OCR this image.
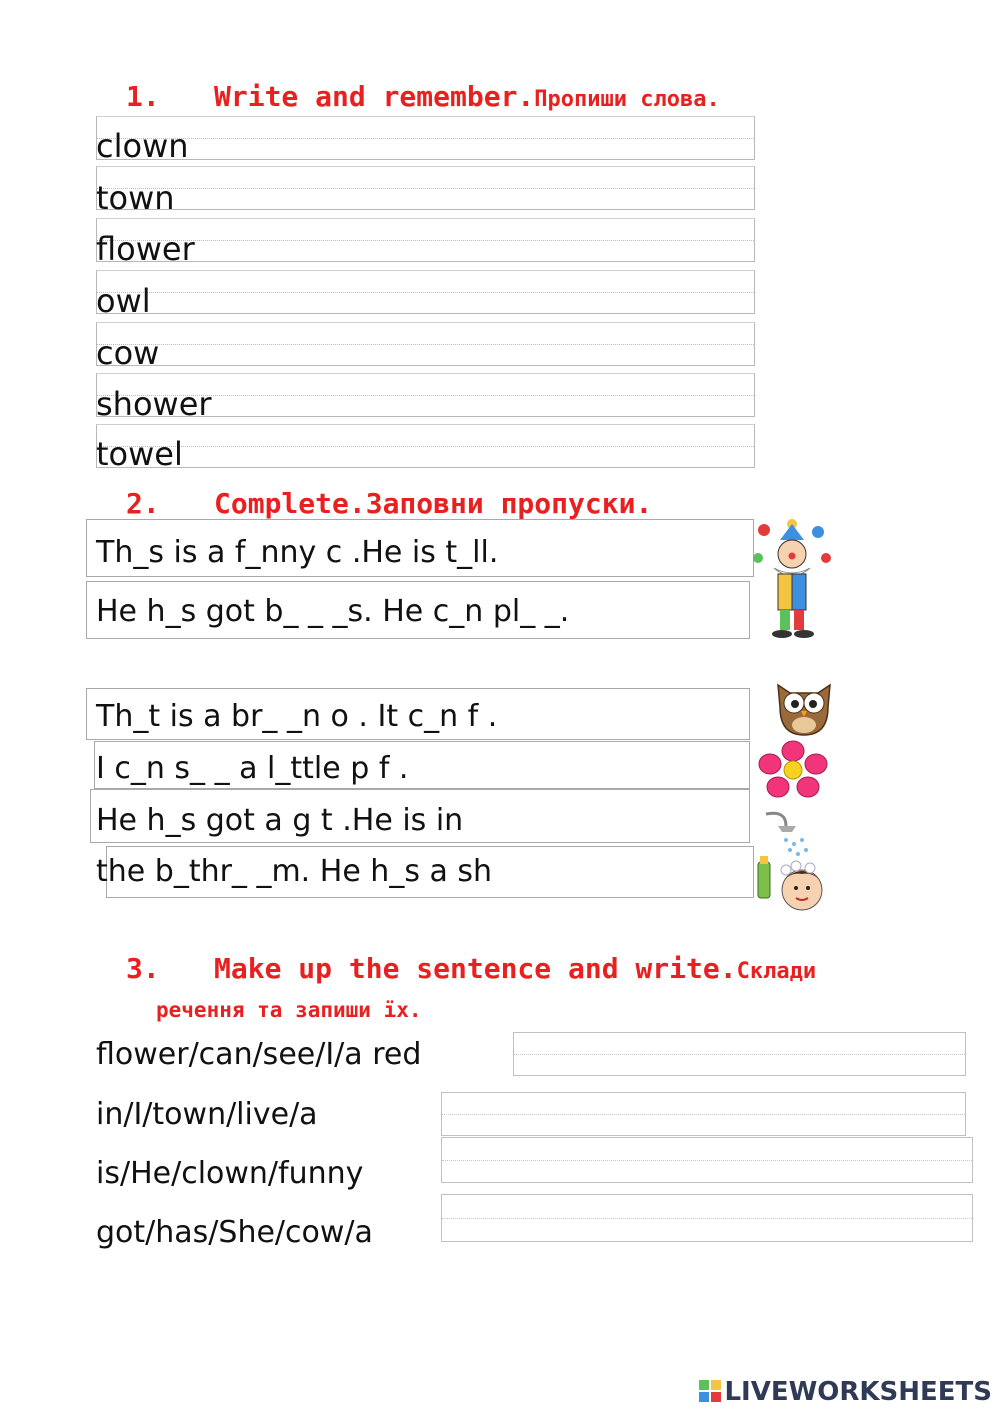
1. Write and remember.Пропиши слова.
clown
town
flower
owl
cow
shower
towel
2. Complete.Заповни пропуски.
Th_s is a f_nny c .He is t_ll.
He h_s got b_ _ _s. He c_n pl_ _.
Th_t is a br_ _n o . It c_n f .
I c_n s_ _ a l_ttle p f .
He h_s got a g t .He is in
the b_thr_ _m. He h_s a sh
3. Make up the sentence and write.Склади
речення та запиши їх.
flower/can/see/I/a red
in/I/town/live/a
is/He/clown/funny
got/has/She/cow/a
LIVEWORKSHEETS
